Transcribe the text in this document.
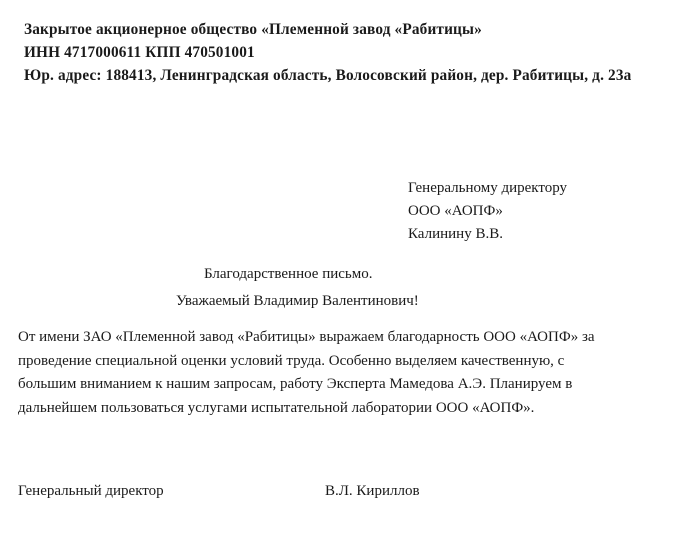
Закрытое акционерное общество «Племенной завод «Рабитицы»
ИНН 4717000611 КПП 470501001
Юр. адрес: 188413, Ленинградская область, Волосовский район, дер. Рабитицы, д. 23а
Генеральному директору
ООО «АОПФ»
Калинину В.В.
Благодарственное письмо.
Уважаемый Владимир Валентинович!
От имени ЗАО «Племенной завод «Рабитицы» выражаем благодарность ООО «АОПФ» за
проведение специальной оценки условий труда. Особенно выделяем качественную, с
большим вниманием к нашим запросам, работу Эксперта Мамедова А.Э. Планируем в
дальнейшем пользоваться услугами испытательной лаборатории ООО «АОПФ».
Генеральный директор	В.Л. Кириллов
